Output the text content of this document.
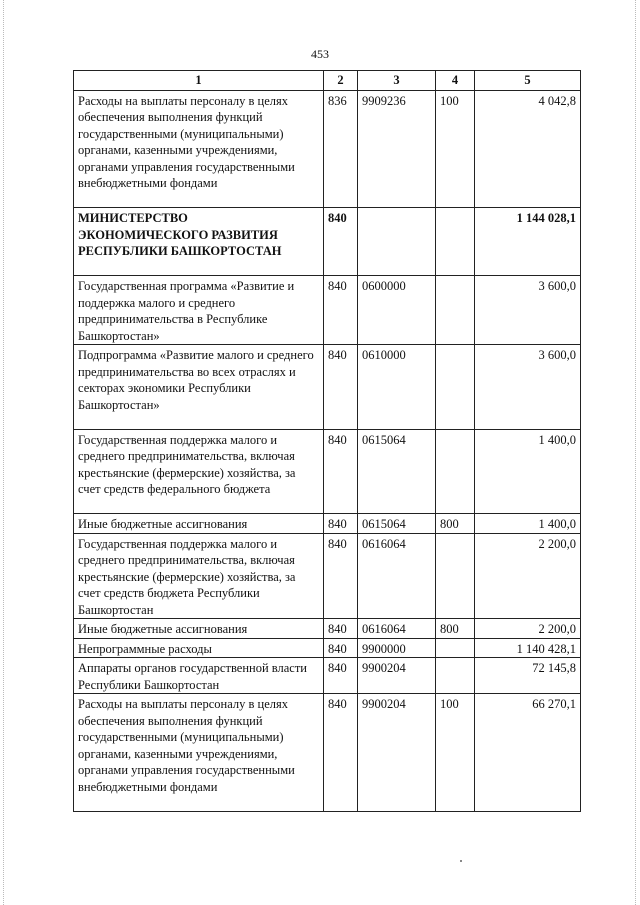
453
1	2	3	4	5
Расходы на выплаты персоналу в целях обеспечения выполнения функций государственными (муниципальными) органами, казенными учреждениями, органами управления государственными внебюджетными фондами	836	9909236	100	4 042,8
МИНИСТЕРСТВО ЭКОНОМИЧЕСКОГО РАЗВИТИЯ РЕСПУБЛИКИ БАШКОРТОСТАН	840			1 144 028,1
Государственная программа «Развитие и поддержка малого и среднего предпринимательства в Республике Башкортостан»	840	0600000		3 600,0
Подпрограмма «Развитие малого и среднего предпринимательства во всех отраслях и секторах экономики Республики Башкортостан»	840	0610000		3 600,0
Государственная поддержка малого и среднего предпринимательства, включая крестьянские (фермерские) хозяйства, за счет средств федерального бюджета	840	0615064		1 400,0
Иные бюджетные ассигнования	840	0615064	800	1 400,0
Государственная поддержка малого и среднего предпринимательства, включая крестьянские (фермерские) хозяйства, за счет средств бюджета Республики Башкортостан	840	0616064		2 200,0
Иные бюджетные ассигнования	840	0616064	800	2 200,0
Непрограммные расходы	840	9900000		1 140 428,1
Аппараты органов государственной власти Республики Башкортостан	840	9900204		72 145,8
Расходы на выплаты персоналу в целях обеспечения выполнения функций государственными (муниципальными) органами, казенными учреждениями, органами управления государственными внебюджетными фондами	840	9900204	100	66 270,1
